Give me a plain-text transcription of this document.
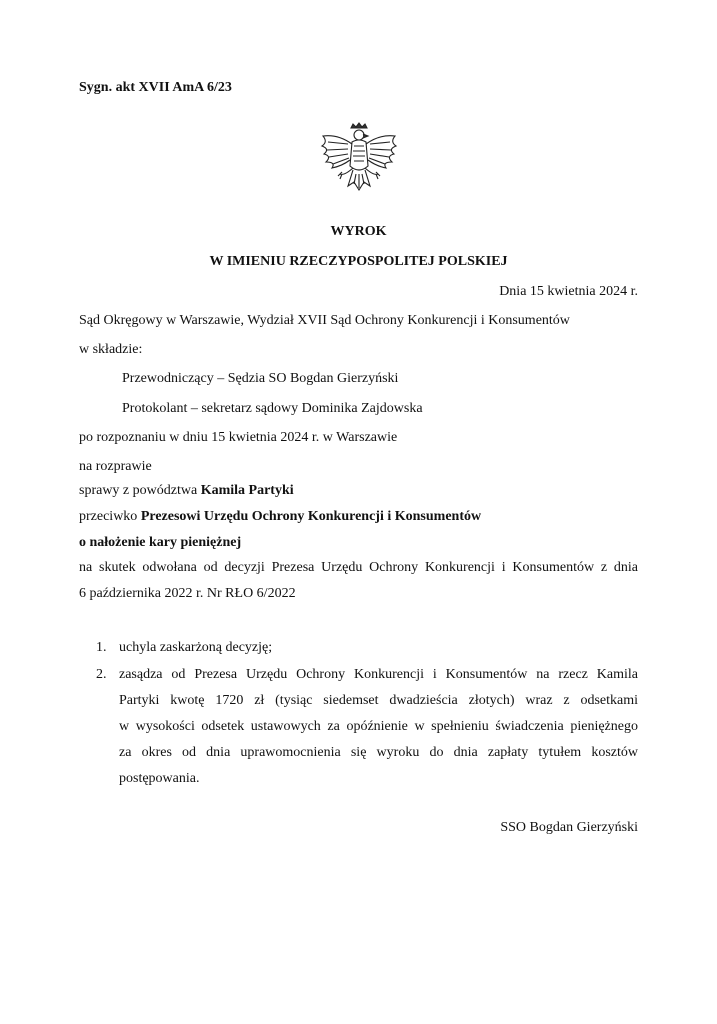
Sygn. akt XVII AmA 6/23
WYROK
W IMIENIU RZECZYPOSPOLITEJ POLSKIEJ
Dnia 15 kwietnia 2024 r.
Sąd Okręgowy w Warszawie, Wydział XVII Sąd Ochrony Konkurencji i Konsumentów
w składzie:
Przewodniczący – Sędzia SO Bogdan Gierzyński
Protokolant – sekretarz sądowy Dominika Zajdowska
po rozpoznaniu w dniu 15 kwietnia 2024 r. w Warszawie
na rozprawie
sprawy z powództwa Kamila Partyki
przeciwko Prezesowi Urzędu Ochrony Konkurencji i Konsumentów
o nałożenie kary pieniężnej
na skutek odwołana od decyzji Prezesa Urzędu Ochrony Konkurencji i Konsumentów z dnia
6 października 2022 r. Nr RŁO 6/2022
1. uchyla zaskarżoną decyzję;
2. zasądza od Prezesa Urzędu Ochrony Konkurencji i Konsumentów na rzecz Kamila
Partyki kwotę 1720 zł (tysiąc siedemset dwadzieścia złotych) wraz z odsetkami
w wysokości odsetek ustawowych za opóźnienie w spełnieniu świadczenia pieniężnego
za okres od dnia uprawomocnienia się wyroku do dnia zapłaty tytułem kosztów
postępowania.
SSO Bogdan Gierzyński
